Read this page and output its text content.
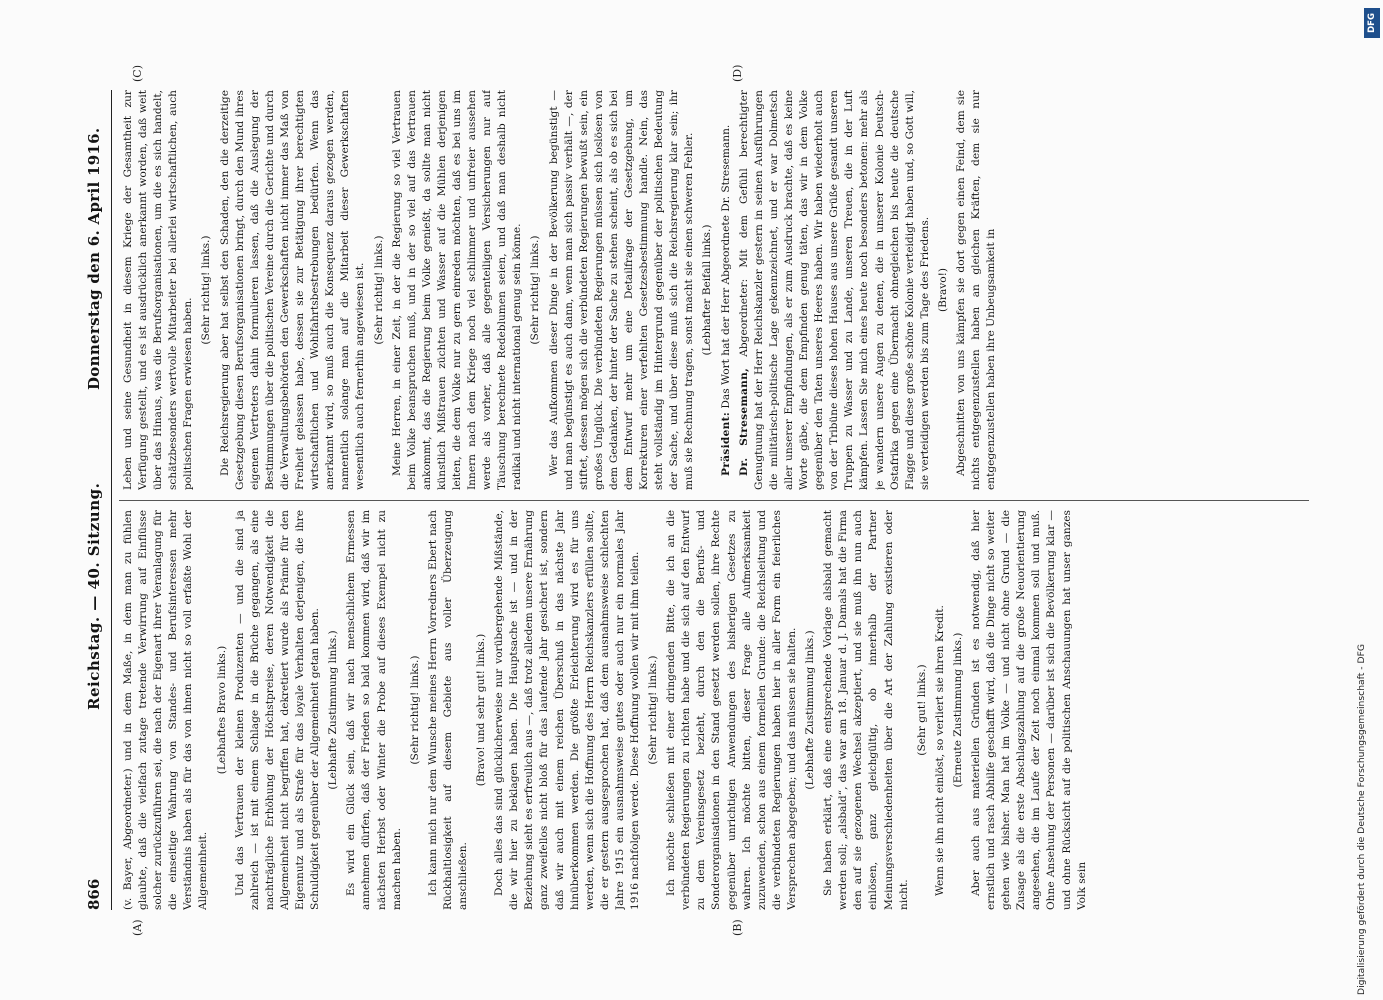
866
Reichstag. — 40. Sitzung.
Donnerstag den 6. April 1916.
(A)	(B)
(C)	(D)

(v. Bayer, Abgeordneter.) und in dem Maße, in dem man zu fühlen glaubte, daß die vielfach zutage tretende Verwirrung auf Einflüsse solcher zurückzuführen sei, die nach der Eigenart ihrer Veranlagung für die einseitige Wahrung von Standes- und Berufsinteressen mehr Verständnis haben als für das von ihnen nicht so voll erfaßte Wohl der Allgemeinheit.

(Lebhaftes Bravo links.) Und das Vertrauen der kleinen Produzenten — und die sind ja zahlreich — ist mit einem Schlage in die Brüche gegangen, als eine nachträgliche Erhöhung der Höchstpreise, deren Notwendigkeit die Allgemeinheit nicht begriffen hat, dekretiert wurde als Prämie für den Eigennutz und als Strafe für das loyale Verhalten derjenigen, die ihre Schuldigkeit gegenüber der Allgemeinheit getan haben. (Lebhafte Zustimmung links.) Es wird ein Glück sein, daß wir nach menschlichem Ermessen annehmen dürfen, daß der Frieden so bald kommen wird, daß wir im nächsten Herbst oder Winter die Probe auf dieses Exempel nicht zu machen haben.

(Sehr richtig! links.) Ich kann mich nur dem Wunsche meines Herrn Vorredners Ebert nach Rückhaltlosigkeit auf diesem Gebiete aus voller Überzeugung anschließen.

(Bravo! und sehr gut! links.) Doch alles das sind glücklicherweise nur vorübergehende Mißstände, die wir hier zu beklagen haben. Die Hauptsache ist — und in der Beziehung sieht es erfreulich aus —, daß trotz alledem unsere Ernährung ganz zweifellos nicht bloß für das laufende Jahr gesichert ist, sondern daß wir auch mit einem reichen Überschuß in das nächste Jahr hinüberkommen werden. Die größte Erleichterung wird es für uns werden, wenn sich die Hoffnung des Herrn Reichskanzlers erfüllen sollte, die er gestern ausgesprochen hat, daß dem ausnahmsweise schlechten Jahre 1915 ein ausnahmsweise gutes oder auch nur ein normales Jahr 1916 nachfolgen werde. Diese Hoffnung wollen wir mit ihm teilen. (Sehr richtig! links.) Ich möchte schließen mit einer dringenden Bitte, die ich an die verbündeten Regierungen zu richten habe und die sich auf den Entwurf zu dem Vereinsgesetz bezieht, durch den die Berufs- und Sonderorganisationen in den Stand gesetzt werden sollen, ihre Rechte gegenüber unrichtigen Anwendungen des bisherigen Gesetzes zu wahren. Ich möchte bitten, dieser Frage alle Aufmerksamkeit zuzuwenden, schon aus einem formellen Grunde: die Reichsleitung und die verbündeten Regierungen haben hier in aller Form ein feierliches Versprechen abgegeben; und das müssen sie halten. (Lebhafte Zustimmung links.) Sie haben erklärt, daß eine entsprechende Vorlage alsbald gemacht werden soll; „alsbald“, das war am 18. Januar d. J. Damals hat die Firma den auf sie gezogenen Wechsel akzeptiert, und sie muß ihn nun auch einlösen, ganz gleichgültig, ob innerhalb der Partner Meinungsverschiedenheiten über die Art der Zahlung existieren oder nicht.

(Sehr gut! links.) Wenn sie ihn nicht einlöst, so verliert sie ihren Kredit. (Erneute Zustimmung links.) Aber auch aus materiellen Gründen ist es notwendig, daß hier ernstlich und rasch Abhilfe geschafft wird, daß die Dinge nicht so weiter gehen wie bisher. Man hat im Volke — und nicht ohne Grund — die Zusage als die erste Abschlagszahlung auf die große Neuorientierung angesehen, die im Laufe der Zeit noch einmal kommen soll und muß. Ohne Ansehung der Personen — darüber ist sich die Bevölkerung klar — und ohne Rücksicht auf die politischen Anschauungen hat unser ganzes Volk sein

Leben und seine Gesundheit in diesem Kriege der Gesamtheit zur Verfügung gestellt, und es ist ausdrücklich anerkannt worden, daß weit über das Hinaus, was die Berufsorganisationen, um die es sich handelt, schätzbesonders wertvolle Mitarbeiter bei allerlei wirtschaftlichen, auch politischen Fragen erwiesen haben.

(Sehr richtig! links.) Die Reichsregierung aber hat selbst den Schaden, den die derzeitige Gesetzgebung diesen Berufsorganisationen bringt, durch den Mund ihres eigenen Vertreters dahin formulieren lassen, daß die Auslegung der Bestimmungen über die politischen Vereine durch die Gerichte und durch die Verwaltungsbehörden den Gewerkschaften nicht immer das Maß von Freiheit gelassen habe, dessen sie zur Betätigung ihrer berechtigten wirtschaftlichen und Wohlfahrtsbestrebungen bedürfen. Wenn das anerkannt wird, so muß auch die Konsequenz daraus gezogen werden, namentlich solange man auf die Mitarbeit dieser Gewerkschaften wesentlich auch fernerhin angewiesen ist. (Sehr richtig! links.) Meine Herren, in einer Zeit, in der die Regierung so viel Vertrauen beim Volke beanspruchen muß, und in der so viel auf das Vertrauen ankommt, das die Regierung beim Volke genießt, da sollte man nicht künstlich Mißtrauen züchten und Wasser auf die Mühlen derjenigen leiten, die dem Volke nur zu gern einreden möchten, daß es bei uns im Innern nach dem Kriege noch viel schlimmer und unfreier aussehen werde als vorher, daß alle gegenteiligen Versicherungen nur auf Täuschung berechnete Redeblumen seien, und daß man deshalb nicht radikal und nicht international genug sein könne. (Sehr richtig! links.) Wer das Aufkommen dieser Dinge in der Bevölkerung begünstigt — und man begünstigt es auch dann, wenn man sich passiv verhält —, der stiftet, dessen mögen sich die verbündeten Regierungen bewußt sein, ein großes Unglück. Die verbündeten Regierungen müssen sich loslösen von dem Gedanken, der hinter der Sache zu stehen scheint, als ob es sich bei dem Entwurf mehr um eine Detailfrage der Gesetzgebung, um Korrekturen einer verfehlten Gesetzesbestimmung handle. Nein, das steht vollständig im Hintergrund gegenüber der politischen Bedeutung der Sache, und über diese muß sich die Reichsregierung klar sein; ihr muß sie Rechnung tragen, sonst macht sie einen schweren Fehler. (Lebhafter Beifall links.)

Präsident: Das Wort hat der Herr Abgeordnete Dr. Stresemann.

Dr. Stresemann, Abgeordneter: Mit dem Gefühl berechtigter Genugtuung hat der Herr Reichskanzler gestern in seinen Ausführungen die militärisch-politische Lage gekennzeichnet, und er war Dolmetsch aller unserer Empfindungen, als er zum Ausdruck brachte, daß es keine Worte gäbe, die dem Empfinden genug täten, das wir in dem Volke gegenüber den Taten unseres Heeres haben. Wir haben wiederholt auch von der Tribüne dieses hohen Hauses aus unsere Grüße gesandt unseren Truppen zu Wasser und zu Lande, unseren Treuen, die in der Luft kämpfen. Lassen Sie mich eines heute noch besonders betonen: mehr als je wandern unsere Augen zu denen, die in unserer Kolonie Deutsch-Ostafrika gegen eine Übermacht ohnegleichen bis heute die deutsche Flagge und diese große schöne Kolonie verteidigt haben und, so Gott will, sie verteidigen werden bis zum Tage des Friedens. (Bravo!) Abgeschnitten von uns kämpfen sie dort gegen einen Feind, dem sie nichts entgegenzustellen haben an gleichen Kräften, dem sie nur entgegenzustellen haben ihre Unbeugsamkeit in

DFG
Digitalisierung gefördert durch die Deutsche Forschungsgemeinschaft - DFG
